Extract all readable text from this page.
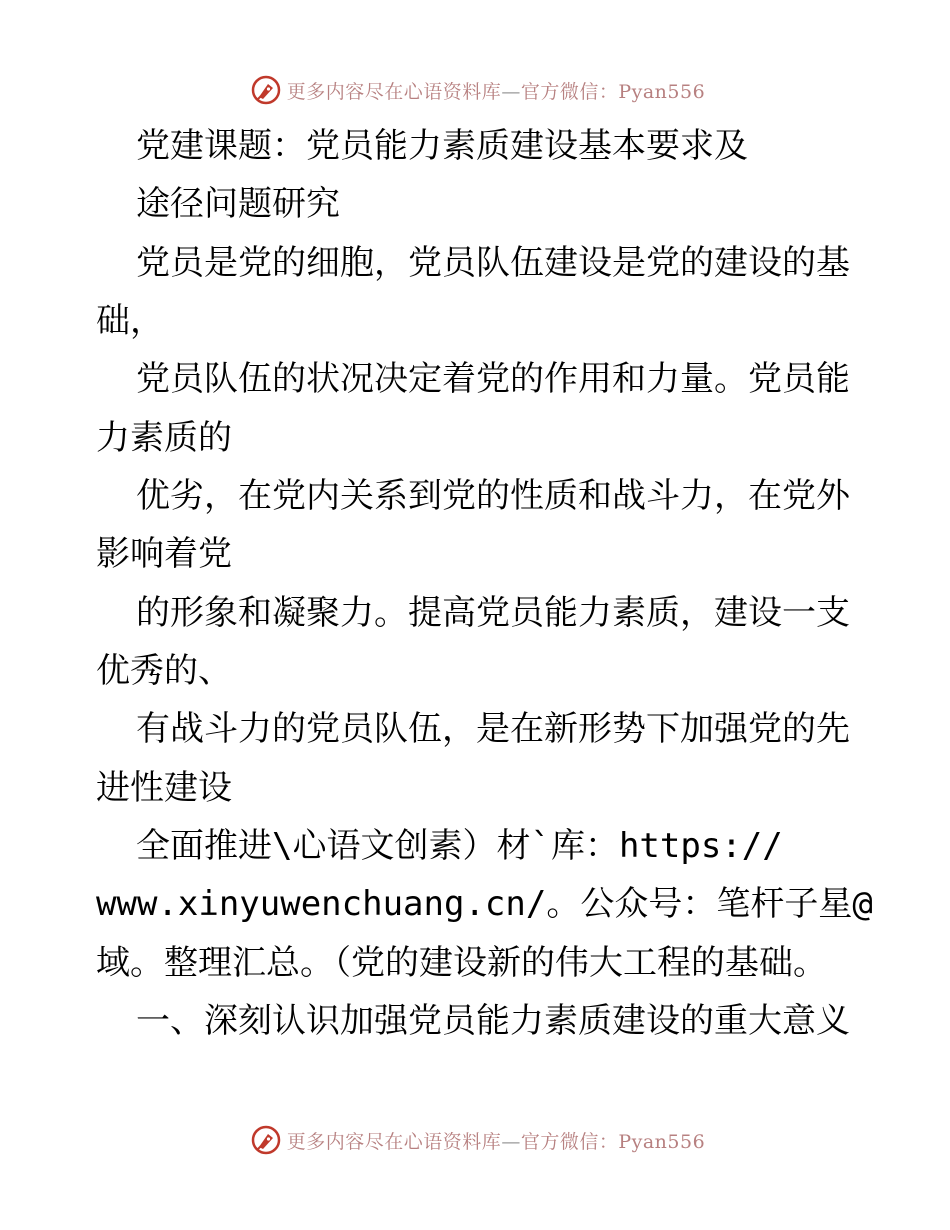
更多内容尽在心语资料库—官方微信：Pyan556
党建课题：党员能力素质建设基本要求及
途径问题研究
党员是党的细胞，党员队伍建设是党的建设的基
础，
党员队伍的状况决定着党的作用和力量。党员能
力素质的
优劣，在党内关系到党的性质和战斗力，在党外
影响着党
的形象和凝聚力。提高党员能力素质，建设一支
优秀的、
有战斗力的党员队伍，是在新形势下加强党的先
进性建设
全面推进\心语文创素）材`库：https://
www.xinyuwenchuang.cn/。公众号：笔杆子星@
域。整理汇总。（党的建设新的伟大工程的基础。
一、深刻认识加强党员能力素质建设的重大意义
更多内容尽在心语资料库—官方微信：Pyan556
